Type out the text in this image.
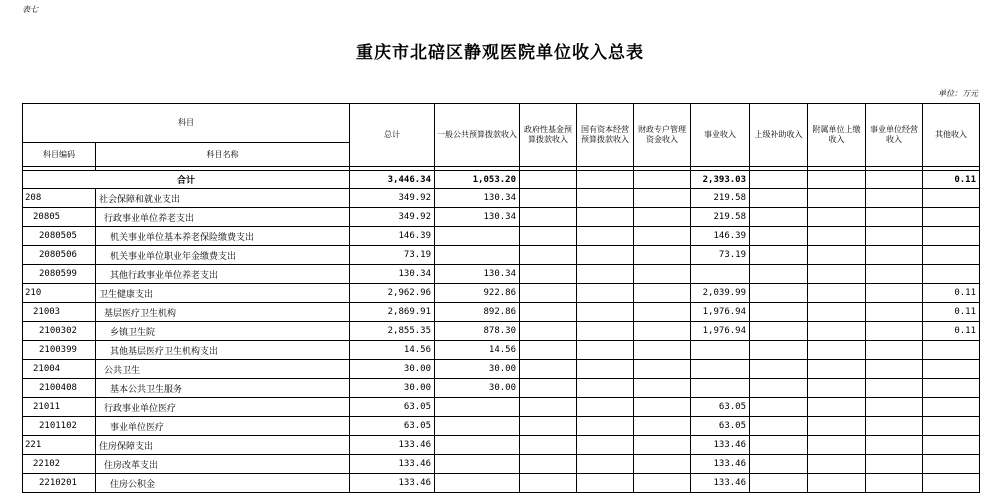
表七
重庆市北碚区静观医院单位收入总表
单位：万元
科目		总计	一般公共预算拨款收入	政府性基金预算拨款收入	国有资本经营预算拨款收入	财政专户管理资金收入	事业收入	上级补助收入	附属单位上缴收入	事业单位经营收入	其他收入
科目编码	科目名称										

合计		3,446.34	1,053.20				2,393.03				0.11
208	社会保障和就业支出	349.92	130.34				219.58				
20805	行政事业单位养老支出	349.92	130.34				219.58				
2080505	机关事业单位基本养老保险缴费支出	146.39					146.39				
2080506	机关事业单位职业年金缴费支出	73.19					73.19				
2080599	其他行政事业单位养老支出	130.34	130.34								
210	卫生健康支出	2,962.96	922.86				2,039.99				0.11
21003	基层医疗卫生机构	2,869.91	892.86				1,976.94				0.11
2100302	乡镇卫生院	2,855.35	878.30				1,976.94				0.11
2100399	其他基层医疗卫生机构支出	14.56	14.56								
21004	公共卫生	30.00	30.00								
2100408	基本公共卫生服务	30.00	30.00								
21011	行政事业单位医疗	63.05					63.05				
2101102	事业单位医疗	63.05					63.05				
221	住房保障支出	133.46					133.46				
22102	住房改革支出	133.46					133.46				
2210201	住房公积金	133.46					133.46				
